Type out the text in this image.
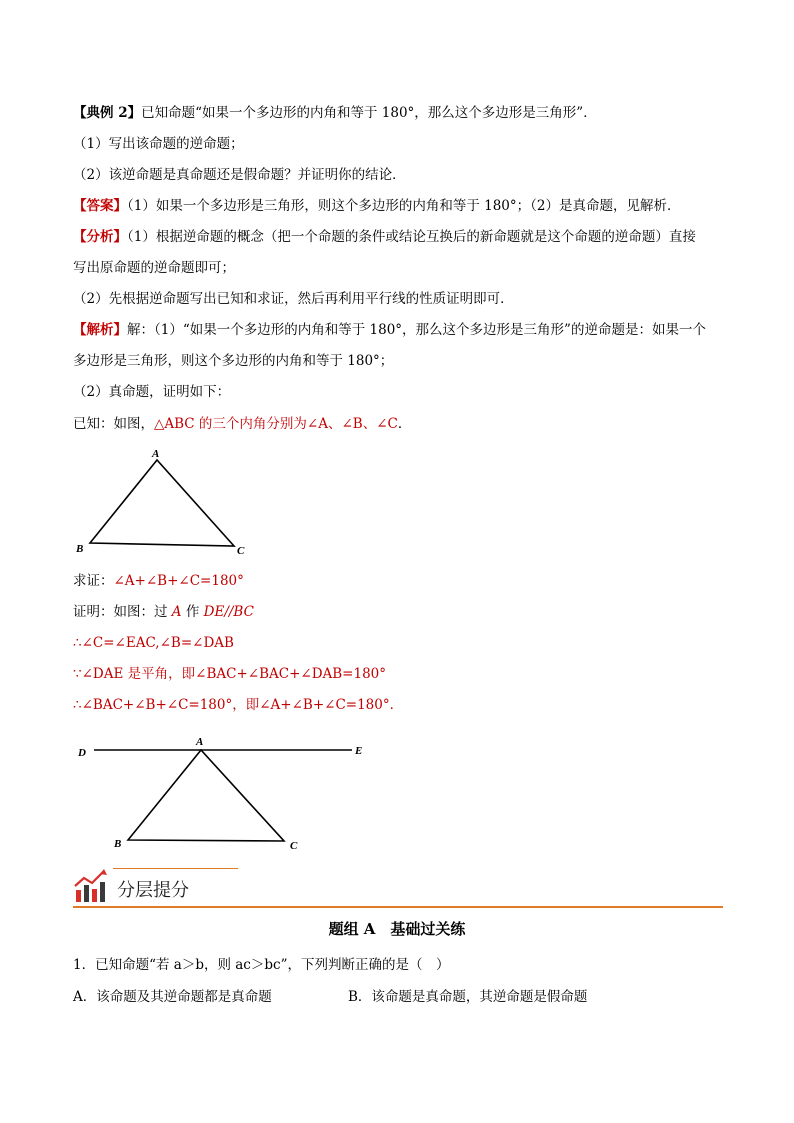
【典例 2】已知命题“如果一个多边形的内角和等于 180°，那么这个多边形是三角形”．
（1）写出该命题的逆命题；
（2）该逆命题是真命题还是假命题？并证明你的结论．
【答案】（1）如果一个多边形是三角形，则这个多边形的内角和等于 180°；（2）是真命题，见解析．
【分析】（1）根据逆命题的概念（把一个命题的条件或结论互换后的新命题就是这个命题的逆命题）直接
写出原命题的逆命题即可；
（2）先根据逆命题写出已知和求证，然后再利用平行线的性质证明即可．
【解析】解：（1）“如果一个多边形的内角和等于 180°，那么这个多边形是三角形”的逆命题是：如果一个
多边形是三角形，则这个多边形的内角和等于 180°；
（2）真命题，证明如下：
已知：如图，△ABC 的三个内角分别为∠A、∠B、∠C．
A
B	C
求证：∠A+∠B+∠C=180°
证明：如图：过 A 作 DE//BC
∴∠C=∠EAC,∠B=∠DAB
∵∠DAE 是平角，即∠BAC+∠BAC+∠DAB=180°
∴∠BAC+∠B+∠C=180°，即∠A+∠B+∠C=180°．
D
A
E
B	C
分层提分
题组 A　基础过关练
1．已知命题“若 a＞b，则 ac＞bc”，下列判断正确的是（　）
A．该命题及其逆命题都是真命题	B．该命题是真命题，其逆命题是假命题
